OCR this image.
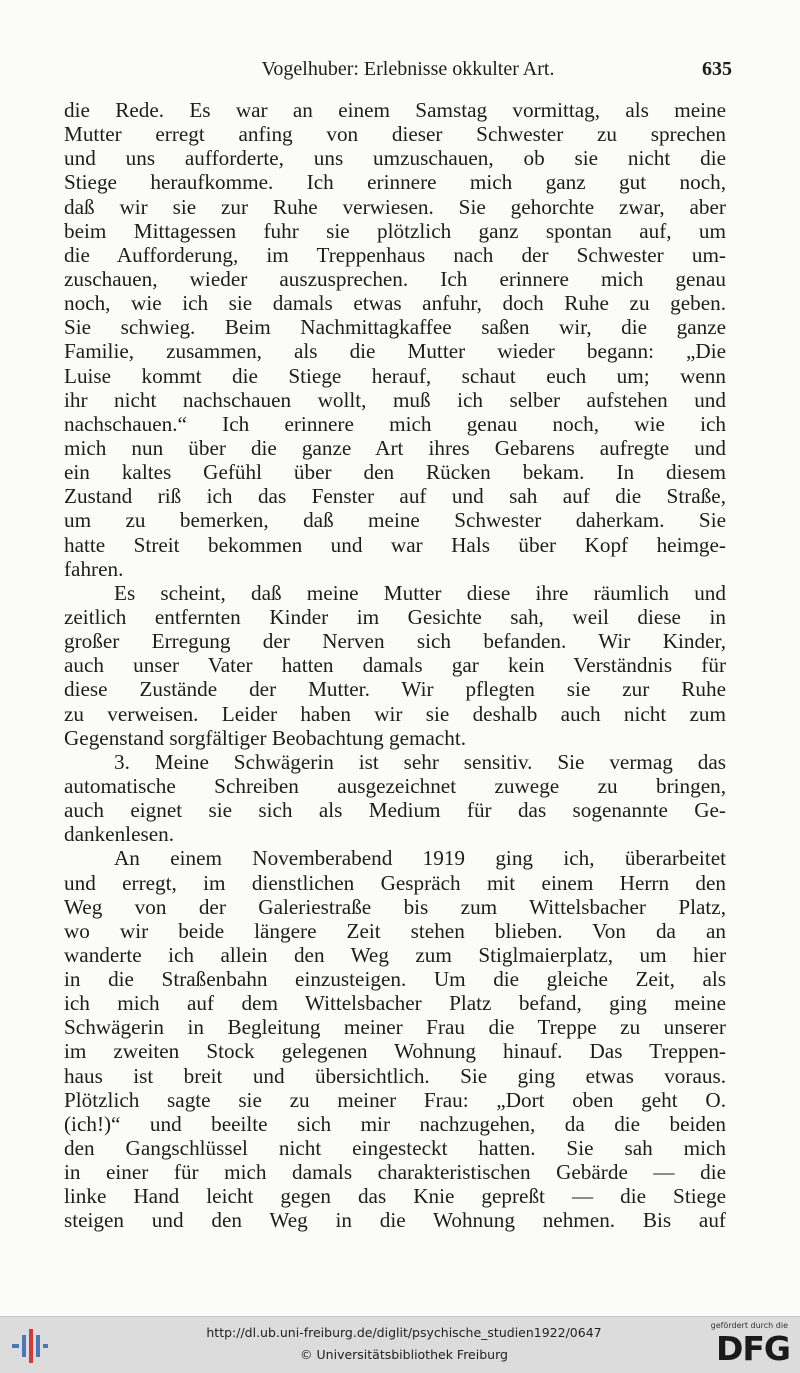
Vogelhuber: Erlebnisse okkulter Art.	635
die Rede. Es war an einem Samstag vormittag, als meine
Mutter erregt anfing von dieser Schwester zu sprechen
und uns aufforderte, uns umzuschauen, ob sie nicht die
Stiege heraufkomme. Ich erinnere mich ganz gut noch,
daß wir sie zur Ruhe verwiesen. Sie gehorchte zwar, aber
beim Mittagessen fuhr sie plötzlich ganz spontan auf, um
die Aufforderung, im Treppenhaus nach der Schwester um-
zuschauen, wieder auszusprechen. Ich erinnere mich genau
noch, wie ich sie damals etwas anfuhr, doch Ruhe zu geben.
Sie schwieg. Beim Nachmittagkaffee saßen wir, die ganze
Familie, zusammen, als die Mutter wieder begann: „Die
Luise kommt die Stiege herauf, schaut euch um; wenn
ihr nicht nachschauen wollt, muß ich selber aufstehen und
nachschauen.“ Ich erinnere mich genau noch, wie ich
mich nun über die ganze Art ihres Gebarens aufregte und
ein kaltes Gefühl über den Rücken bekam. In diesem
Zustand riß ich das Fenster auf und sah auf die Straße,
um zu bemerken, daß meine Schwester daherkam. Sie
hatte Streit bekommen und war Hals über Kopf heimge-
fahren.
Es scheint, daß meine Mutter diese ihre räumlich und
zeitlich entfernten Kinder im Gesichte sah, weil diese in
großer Erregung der Nerven sich befanden. Wir Kinder,
auch unser Vater hatten damals gar kein Verständnis für
diese Zustände der Mutter. Wir pflegten sie zur Ruhe
zu verweisen. Leider haben wir sie deshalb auch nicht zum
Gegenstand sorgfältiger Beobachtung gemacht.
3. Meine Schwägerin ist sehr sensitiv. Sie vermag das
automatische Schreiben ausgezeichnet zuwege zu bringen,
auch eignet sie sich als Medium für das sogenannte Ge-
dankenlesen.
An einem Novemberabend 1919 ging ich, überarbeitet
und erregt, im dienstlichen Gespräch mit einem Herrn den
Weg von der Galeriestraße bis zum Wittelsbacher Platz,
wo wir beide längere Zeit stehen blieben. Von da an
wanderte ich allein den Weg zum Stiglmaierplatz, um hier
in die Straßenbahn einzusteigen. Um die gleiche Zeit, als
ich mich auf dem Wittelsbacher Platz befand, ging meine
Schwägerin in Begleitung meiner Frau die Treppe zu unserer
im zweiten Stock gelegenen Wohnung hinauf. Das Treppen-
haus ist breit und übersichtlich. Sie ging etwas voraus.
Plötzlich sagte sie zu meiner Frau: „Dort oben geht O.
(ich!)“ und beeilte sich mir nachzugehen, da die beiden
den Gangschlüssel nicht eingesteckt hatten. Sie sah mich
in einer für mich damals charakteristischen Gebärde — die
linke Hand leicht gegen das Knie gepreßt — die Stiege
steigen und den Weg in die Wohnung nehmen. Bis auf
http://dl.ub.uni-freiburg.de/diglit/psychische_studien1922/0647
© Universitätsbibliothek Freiburg
gefördert durch die
DFG
